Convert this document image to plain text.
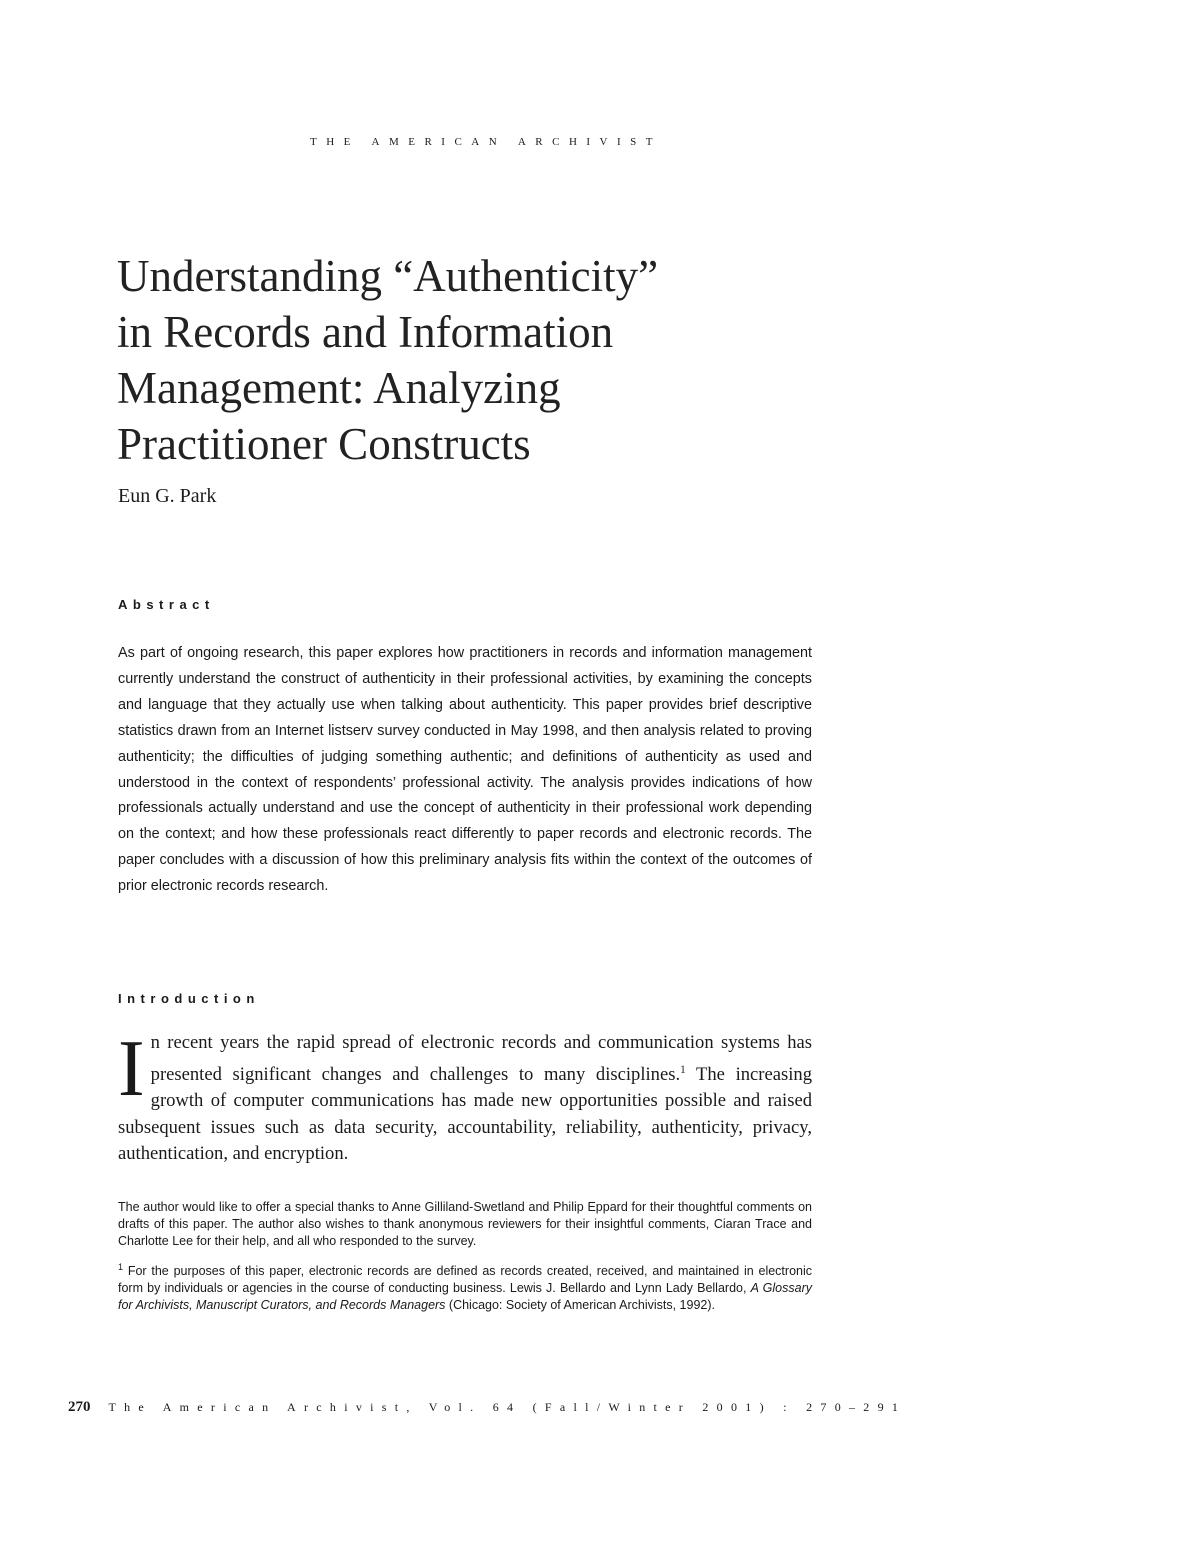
THE AMERICAN ARCHIVIST
Understanding “Authenticity”
in Records and Information
Management: Analyzing
Practitioner Constructs
Eun G. Park
Abstract

As part of ongoing research, this paper explores how practitioners in records and information management currently understand the construct of authenticity in their professional activities, by examining the concepts and language that they actually use when talking about authenticity. This paper provides brief descriptive statistics drawn from an Internet listserv survey conducted in May 1998, and then analysis related to proving authenticity; the difficulties of judging something authentic; and definitions of authenticity as used and understood in the context of respondents’ professional activity. The analysis provides indications of how professionals actually understand and use the concept of authenticity in their professional work depending on the context; and how these professionals react differently to paper records and electronic records. The paper concludes with a discussion of how this preliminary analysis fits within the context of the outcomes of prior electronic records research.

Introduction

In recent years the rapid spread of electronic records and communication systems has presented significant changes and challenges to many disciplines.$^1$ The increasing growth of computer communications has made new opportunities possible and raised subsequent issues such as data security, accountability, reliability, authenticity, privacy, authentication, and encryption.

The author would like to offer a special thanks to Anne Gilliland-Swetland and Philip Eppard for their thoughtful comments on drafts of this paper. The author also wishes to thank anonymous reviewers for their insightful comments, Ciaran Trace and Charlotte Lee for their help, and all who responded to the survey.

$^1$ For the purposes of this paper, electronic records are defined as records created, received, and maintained in electronic form by individuals or agencies in the course of conducting business. Lewis J. Bellardo and Lynn Lady Bellardo, A Glossary for Archivists, Manuscript Curators, and Records Managers (Chicago: Society of American Archivists, 1992).

270 The American Archivist, Vol. 64 (Fall/Winter 2001) : 270–291
